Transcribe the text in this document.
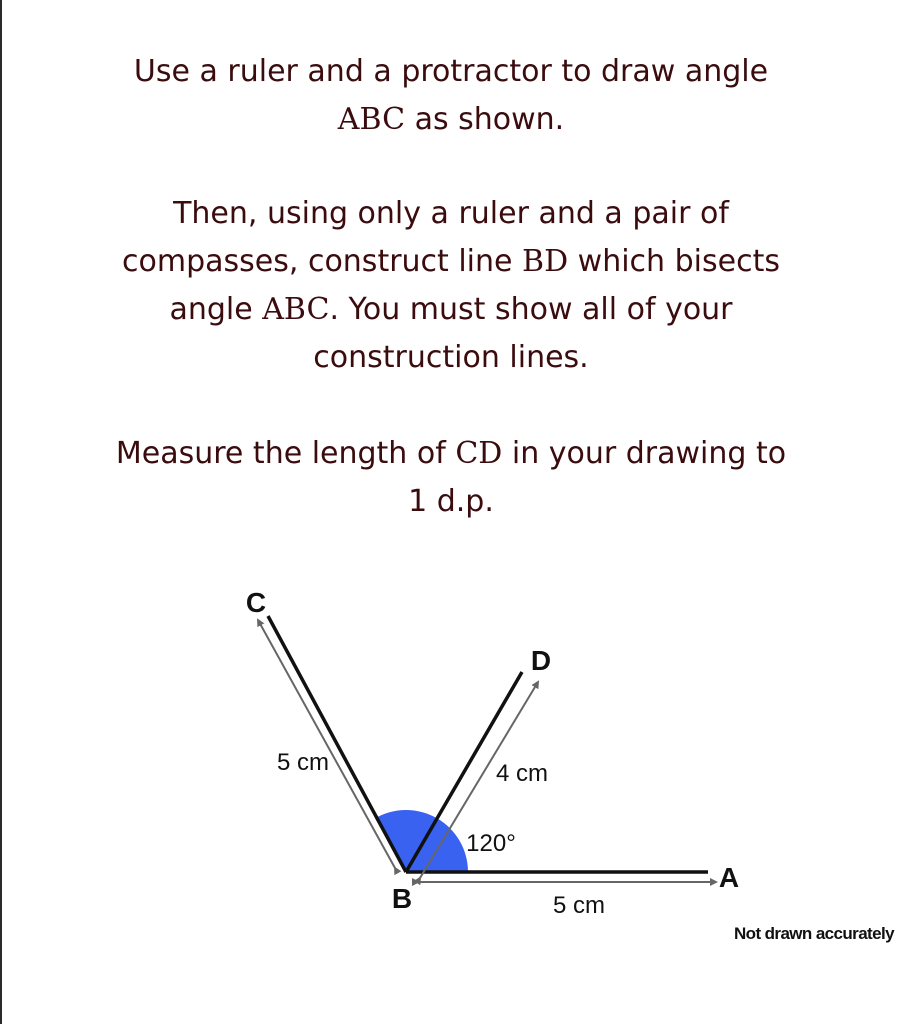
Use a ruler and a protractor to draw angle
ABC as shown.
Then, using only a ruler and a pair of
compasses, construct line BD which bisects
angle ABC. You must show all of your
construction lines.
Measure the length of CD in your drawing to
1 d.p.
C
D
B
A
5 cm	4 cm
5 cm
120°
Not drawn accurately
